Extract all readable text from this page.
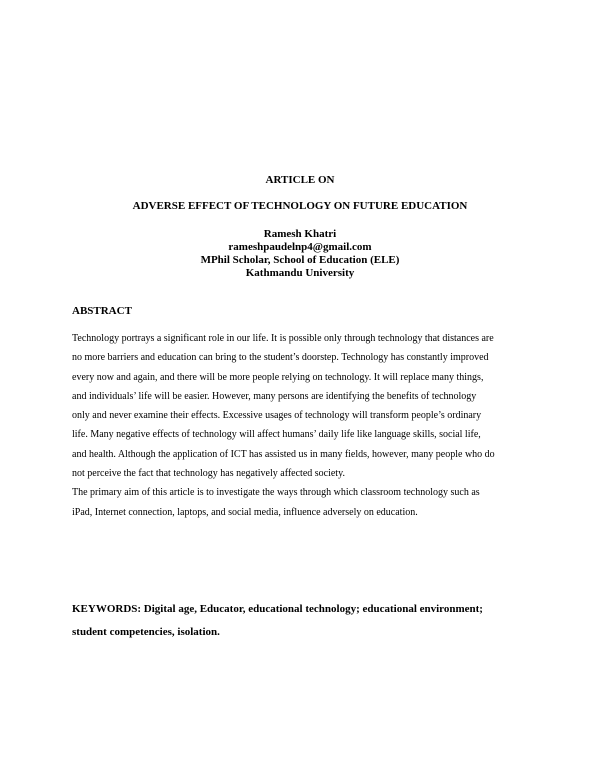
ARTICLE ON
ADVERSE EFFECT OF TECHNOLOGY ON FUTURE EDUCATION
Ramesh Khatri
rameshpaudelnp4@gmail.com
MPhil Scholar, School of Education (ELE)
Kathmandu University
ABSTRACT
Technology portrays a significant role in our life. It is possible only through technology that distances are
no more barriers and education can bring to the student’s doorstep. Technology has constantly improved
every now and again, and there will be more people relying on technology. It will replace many things,
and individuals’ life will be easier. However, many persons are identifying the benefits of technology
only and never examine their effects. Excessive usages of technology will transform people’s ordinary
life. Many negative effects of technology will affect humans’ daily life like language skills, social life,
and health. Although the application of ICT has assisted us in many fields, however, many people who do
not perceive the fact that technology has negatively affected society.
The primary aim of this article is to investigate the ways through which classroom technology such as
iPad, Internet connection, laptops, and social media, influence adversely on education.
KEYWORDS: Digital age, Educator, educational technology; educational environment;
student competencies, isolation.
